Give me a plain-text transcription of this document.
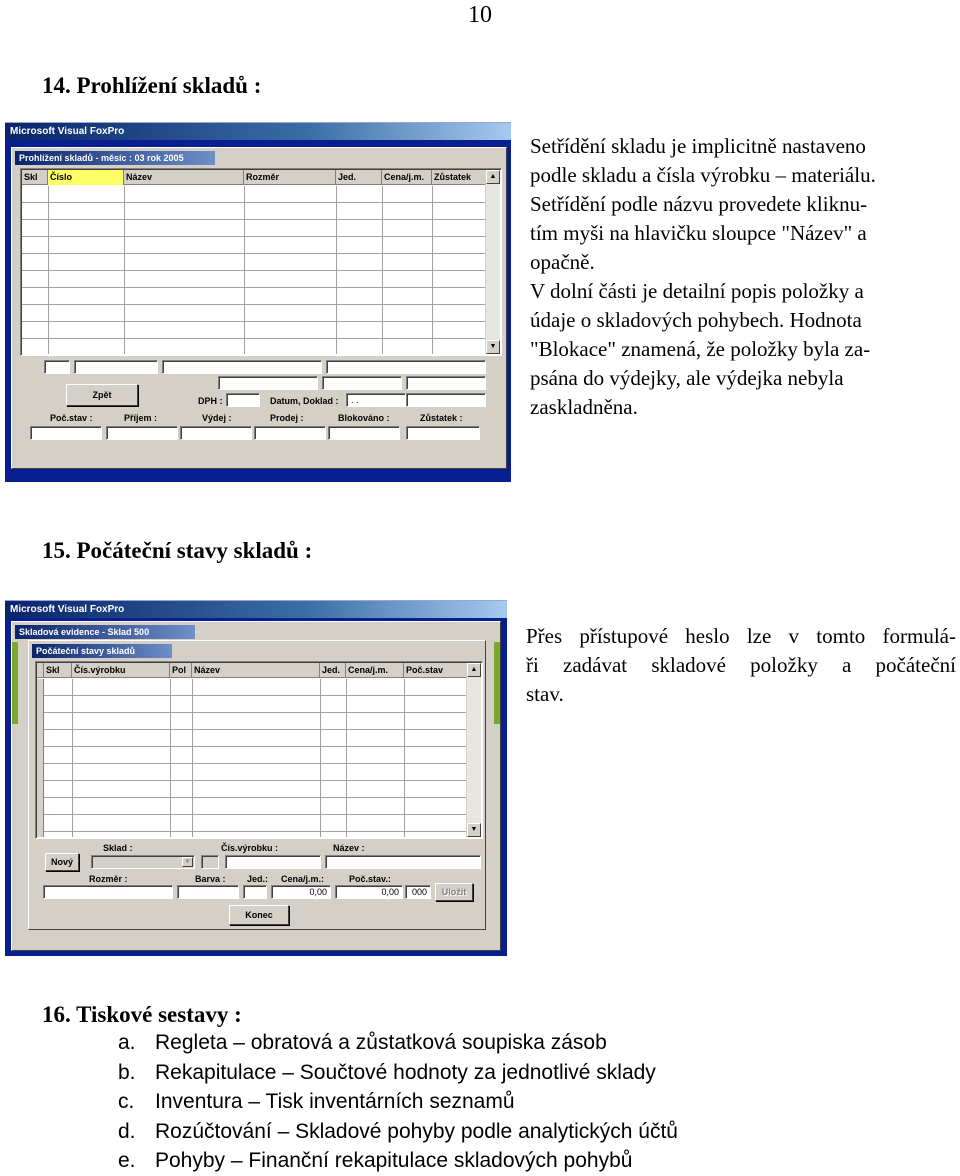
10
14. Prohlížení skladů :
Microsoft Visual FoxPro
Prohlížení skladů - měsíc : 03 rok 2005
Skl	Číslo	Název	Rozměr	Jed.	Cena/j.m.	Zůstatek	▲
▼
Zpět
DPH :	Datum, Doklad :	. .
Poč.stav :	Příjem :	Výdej :	Prodej :	Blokováno :	Zůstatek :

Setřídění skladu je implicitně nastaveno

podle skladu a čísla výrobku – materiálu.

Setřídění podle názvu provedete kliknu-

tím myši na hlavičku sloupce "Název" a

opačně.

V dolní části je detailní popis položky a

údaje o skladových pohybech. Hodnota

"Blokace" znamená, že položky byla za-

psána do výdejky, ale výdejka nebyla

zaskladněna.

15. Počáteční stavy skladů :
Microsoft Visual FoxPro
Skladová evidence - Sklad 500
Počáteční stavy skladů
Skl	Čís.výrobku	Pol Název	Jed. Cena/j.m.	Poč.stav	▲
▼
Sklad :	Čís.výrobku :	Název :
Nový	▼
Rozměr :	Barva : Jed.: Cena/j.m.:	Poč.stav.:
0,00	0,00	000	Uložit
Konec

Přes přístupové heslo lze v tomto formulá-

ři zadávat skladové položky a počáteční

stav.

16. Tiskové sestavy :
a. Regleta – obratová a zůstatková soupiska zásob
b. Rekapitulace – Součtové hodnoty za jednotlivé sklady
c. Inventura – Tisk inventárních seznamů
d. Rozúčtování – Skladové pohyby podle analytických účtů
e. Pohyby – Finanční rekapitulace skladových pohybů
